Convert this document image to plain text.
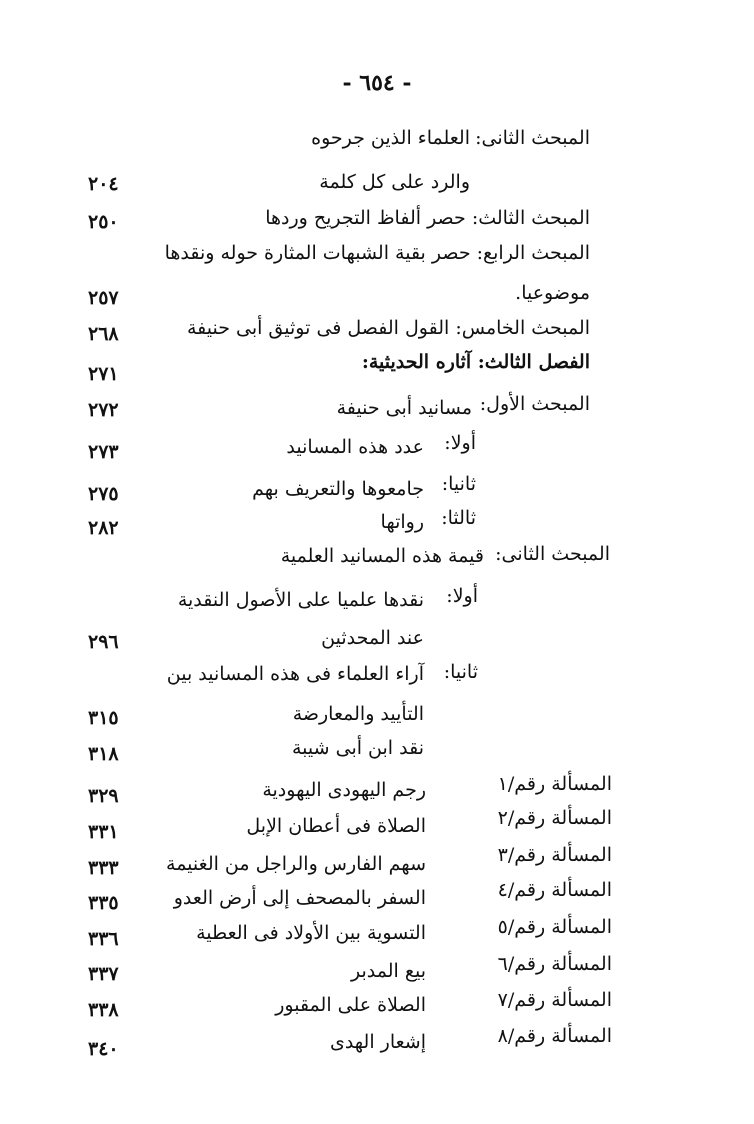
- ٦٥٤ -
المبحث الثانى:
العلماء الذين جرحوه
والرد على كل كلمة
٢٠٤
المبحث الثالث: حصر ألفاظ التجريح وردها
٢٥٠
المبحث الرابع: حصر بقية الشبهات المثارة حوله ونقدها
موضوعيا.
٢٥٧
المبحث الخامس: القول الفصل فى توثيق أبى حنيفة
٢٦٨
الفصل الثالث: آثاره الحديثية:
٢٧١
المبحث الأول:
مسانيد أبى حنيفة
٢٧٢
أولا:
عدد هذه المسانيد
٢٧٣
ثانيا:
جامعوها والتعريف بهم
٢٧٥
ثالثا:
رواتها
٢٨٢
المبحث الثانى:
قيمة هذه المسانيد العلمية
أولا:
نقدها علميا على الأصول النقدية
عند المحدثين
٢٩٦
ثانيا:
آراء العلماء فى هذه المسانيد بين
التأييد والمعارضة
٣١٥
نقد ابن أبى شيبة
٣١٨
المسألة رقم/١
رجم اليهودى اليهودية
٣٢٩
المسألة رقم/٢
الصلاة فى أعطان الإبل
٣٣١
المسألة رقم/٣
سهم الفارس والراجل من الغنيمة
٣٣٣
المسألة رقم/٤
السفر بالمصحف إلى أرض العدو
٣٣٥
المسألة رقم/٥
التسوية بين الأولاد فى العطية
٣٣٦
المسألة رقم/٦
بيع المدبر
٣٣٧
المسألة رقم/٧
الصلاة على المقبور
٣٣٨
المسألة رقم/٨
إشعار الهدى
٣٤٠
